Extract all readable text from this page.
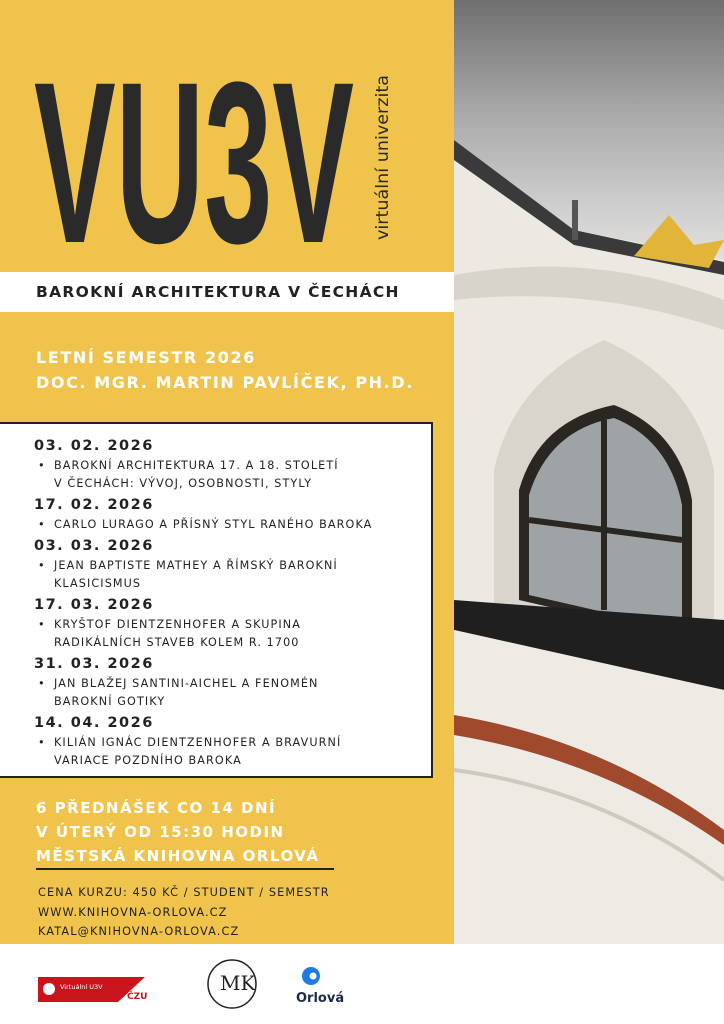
VU3V virtuální univerzita
BAROKNÍ ARCHITEKTURA V ČECHÁCH
LETNÍ SEMESTR 2026
DOC. MGR. MARTIN PAVLÍČEK, PH.D.
03. 02. 2026
• BAROKNÍ ARCHITEKTURA 17. A 18. STOLETÍ
V ČECHÁCH: VÝVOJ, OSOBNOSTI, STYLY
17. 02. 2026
• CARLO LURAGO A PŘÍSNÝ STYL RANÉHO BAROKA
03. 03. 2026
• JEAN BAPTISTE MATHEY A ŘÍMSKÝ BAROKNÍ
KLASICISMUS
17. 03. 2026
• KRYŠTOF DIENTZENHOFER A SKUPINA
RADIKÁLNÍCH STAVEB KOLEM R. 1700
31. 03. 2026
• JAN BLAŽEJ SANTINI-AICHEL A FENOMÉN
BAROKNÍ GOTIKY
14. 04. 2026
• KILIÁN IGNÁC DIENTZENHOFER A BRAVURNÍ
VARIACE POZDNÍHO BAROKA
6 PŘEDNÁŠEK CO 14 DNÍ
V ÚTERÝ OD 15:30 HODIN
MĚSTSKÁ KNIHOVNA ORLOVÁ
CENA KURZU: 450 KČ / STUDENT / SEMESTR
WWW.KNIHOVNA-ORLOVA.CZ
KATAL@KNIHOVNA-ORLOVA.CZ
Virtuální U3V
ČZU
MK
Orlová
